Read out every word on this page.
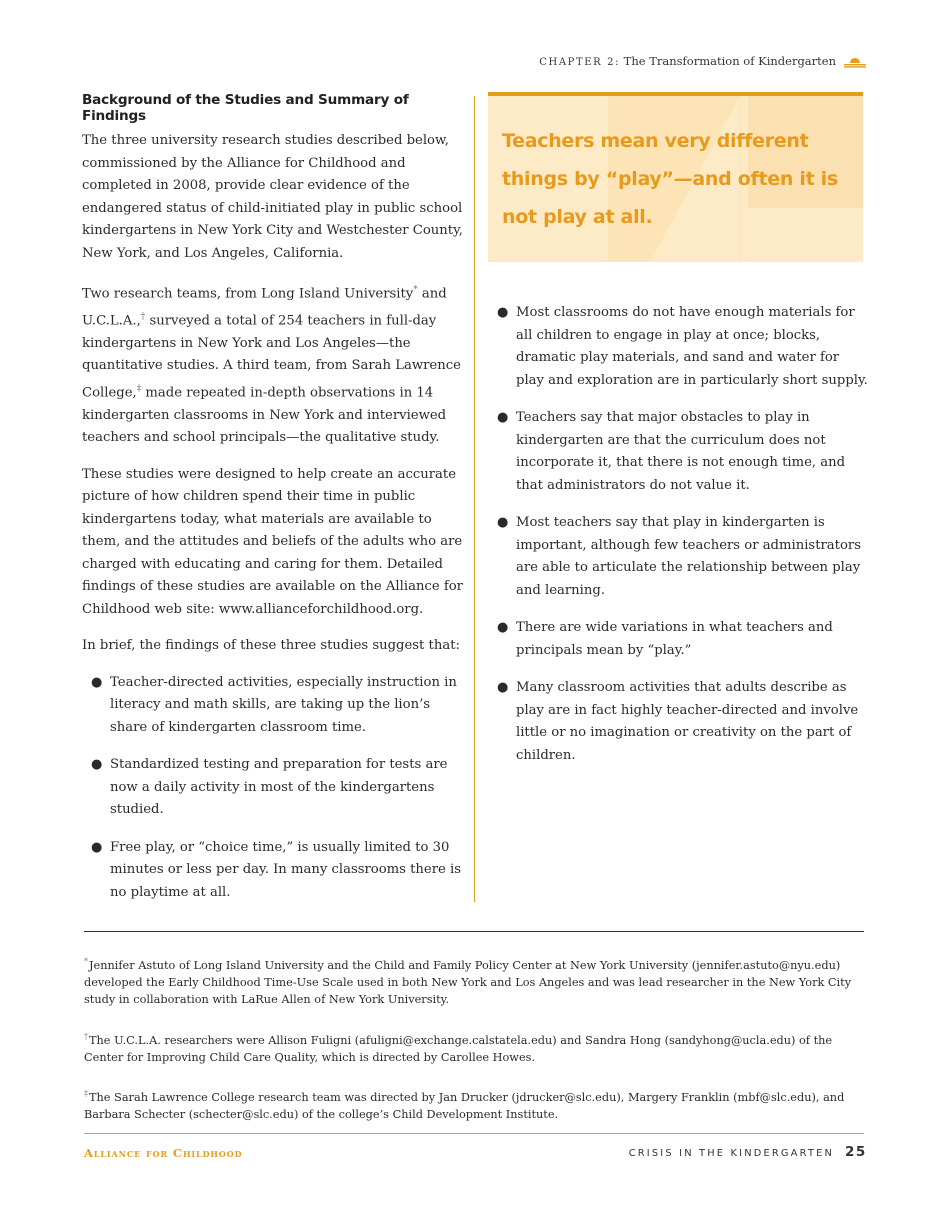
CHAPTER 2: The Transformation of Kindergarten
Background of the Studies and Summary of Findings

The three university research studies described below, commissioned by the Alliance for Childhood and completed in 2008, provide clear evidence of the endangered status of child-initiated play in public school kindergartens in New York City and Westchester County, New York, and Los Angeles, California.

Two research teams, from Long Island University* and U.C.L.A.,† surveyed a total of 254 teachers in full-day kindergartens in New York and Los Angeles—the quantitative studies. A third team, from Sarah Lawrence College,‡ made repeated in-depth observations in 14 kindergarten classrooms in New York and interviewed teachers and school principals—the qualitative study.

These studies were designed to help create an accurate picture of how children spend their time in public kindergartens today, what materials are available to them, and the attitudes and beliefs of the adults who are charged with educating and caring for them. Detailed findings of these studies are available on the Alliance for Childhood web site: www.allianceforchildhood.org.

In brief, the findings of these three studies suggest that:

● Teacher-directed activities, especially instruction in literacy and math skills, are taking up the lion’s share of kindergarten classroom time.
● Standardized testing and preparation for tests are now a daily activity in most of the kindergartens studied.
● Free play, or “choice time,” is usually limited to 30 minutes or less per day. In many classrooms there is no playtime at all.

Teachers mean very different things by “play”—and often it is not play at all.

● Most classrooms do not have enough materials for all children to engage in play at once; blocks, dramatic play materials, and sand and water for play and exploration are in particularly short supply.
● Teachers say that major obstacles to play in kindergarten are that the curriculum does not incorporate it, that there is not enough time, and that administrators do not value it.
● Most teachers say that play in kindergarten is important, although few teachers or administrators are able to articulate the relationship between play and learning.
● There are wide variations in what teachers and principals mean by “play.”
● Many classroom activities that adults describe as play are in fact highly teacher-directed and involve little or no imagination or creativity on the part of children.

*Jennifer Astuto of Long Island University and the Child and Family Policy Center at New York University (jennifer.astuto@nyu.edu) developed the Early Childhood Time-Use Scale used in both New York and Los Angeles and was lead researcher in the New York City study in collaboration with LaRue Allen of New York University.

†The U.C.L.A. researchers were Allison Fuligni (afuligni@exchange.calstatela.edu) and Sandra Hong (sandyhong@ucla.edu) of the Center for Improving Child Care Quality, which is directed by Carollee Howes.

‡The Sarah Lawrence College research team was directed by Jan Drucker (jdrucker@slc.edu), Margery Franklin (mbf@slc.edu), and Barbara Schecter (schecter@slc.edu) of the college’s Child Development Institute.

Alliance for Childhood	CRISIS IN THE KINDERGARTEN 25
